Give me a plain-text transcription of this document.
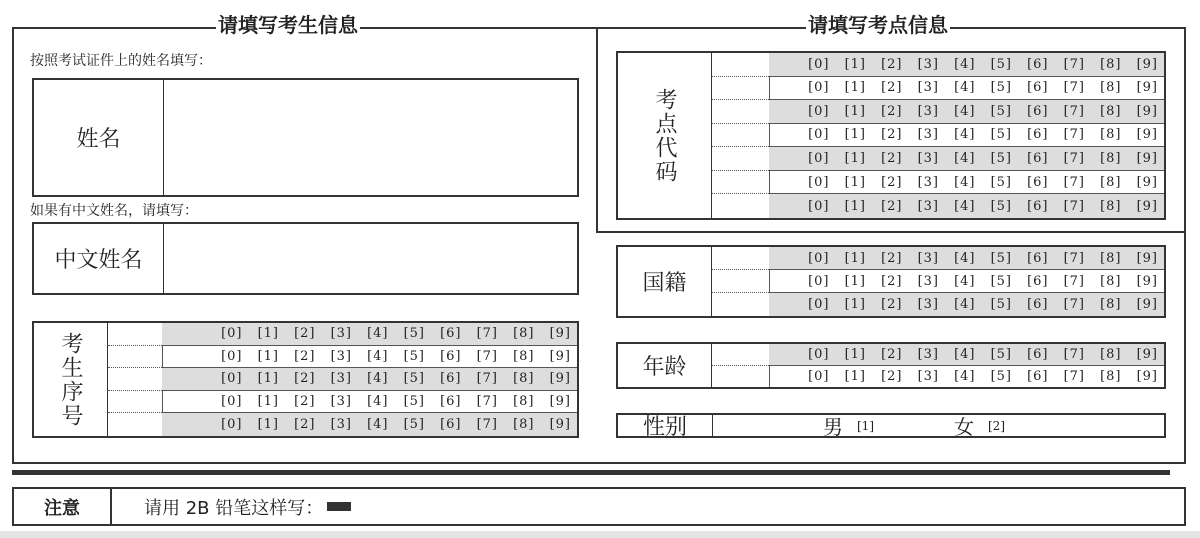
请填写考生信息	请填写考点信息
按照考试证件上的姓名填写：
姓名
如果有中文姓名，请填写：
中文姓名
考生序号	[0]	[1]	[2]	[3]	[4]	[5]	[6]	[7]	[8]	[9]
[0]	[1]	[2]	[3]	[4]	[5]	[6]	[7]	[8]	[9]
[0]	[1]	[2]	[3]	[4]	[5]	[6]	[7]	[8]	[9]
[0]	[1]	[2]	[3]	[4]	[5]	[6]	[7]	[8]	[9]
[0]	[1]	[2]	[3]	[4]	[5]	[6]	[7]	[8]	[9]
考点代码
[0]	[1]	[2]	[3]	[4]	[5]	[6]	[7]	[8]	[9]
[0]	[1]	[2]	[3]	[4]	[5]	[6]	[7]	[8]	[9]
[0]	[1]	[2]	[3]	[4]	[5]	[6]	[7]	[8]	[9]
[0]	[1]	[2]	[3]	[4]	[5]	[6]	[7]	[8]	[9]
[0]	[1]	[2]	[3]	[4]	[5]	[6]	[7]	[8]	[9]
[0]	[1]	[2]	[3]	[4]	[5]	[6]	[7]	[8]	[9]
[0]	[1]	[2]	[3]	[4]	[5]	[6]	[7]	[8]	[9]
国籍
[0]	[1]	[2]	[3]	[4]	[5]	[6]	[7]	[8]	[9]
[0]	[1]	[2]	[3]	[4]	[5]	[6]	[7]	[8]	[9]
[0]	[1]	[2]	[3]	[4]	[5]	[6]	[7]	[8]	[9]
年龄
[0]	[1]	[2]	[3]	[4]	[5]	[6]	[7]	[8]	[9]
[0]	[1]	[2]	[3]	[4]	[5]	[6]	[7]	[8]	[9]
性别	男 [1]	女 [2]
注意	请用 2B 铅笔这样写：
